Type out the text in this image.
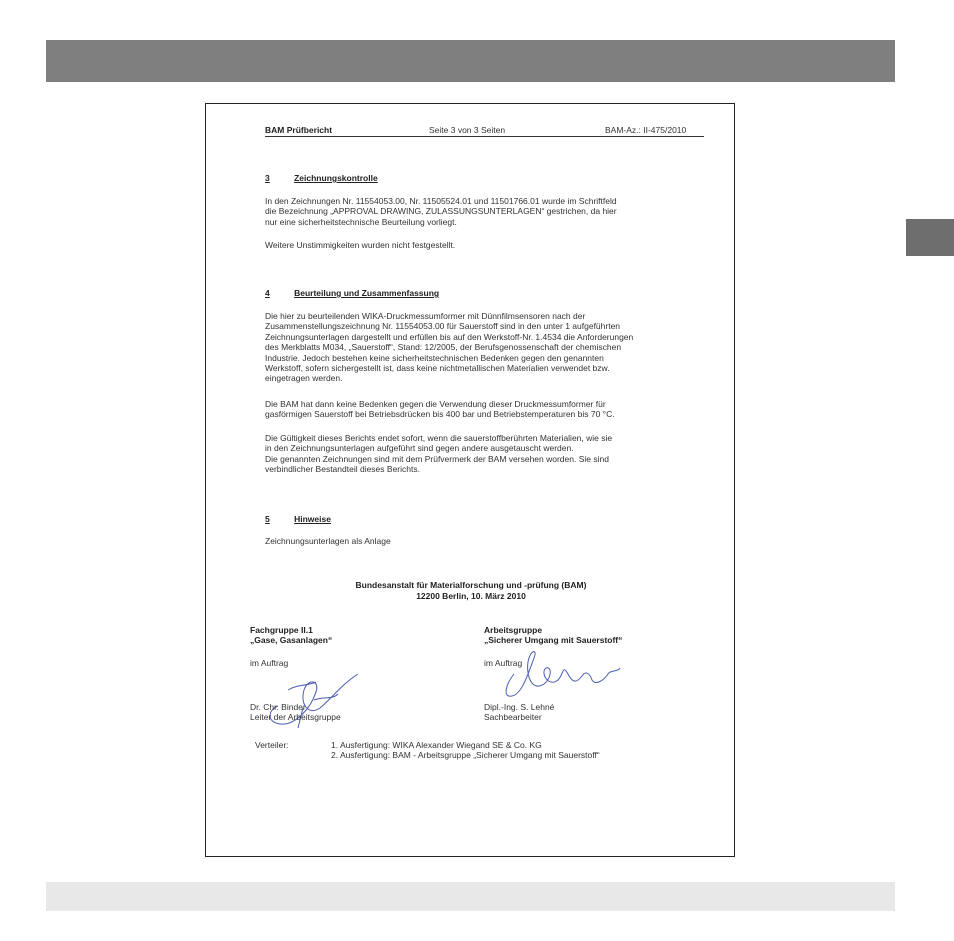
BAM Prüfbericht	Seite 3 von 3 Seiten	BAM-Az.: II-475/2010
3	Zeichnungskontrolle
In den Zeichnungen Nr. 11554053.00, Nr. 11505524.01 und 11501766.01 wurde im Schriftfeld
die Bezeichnung „APPROVAL DRAWING, ZULASSUNGSUNTERLAGEN“ gestrichen, da hier
nur eine sicherheitstechnische Beurteilung vorliegt.
Weitere Unstimmigkeiten wurden nicht festgestellt.
4	Beurteilung und Zusammenfassung
Die hier zu beurteilenden WIKA-Druckmessumformer mit Dünnfilmsensoren nach der
Zusammenstellungszeichnung Nr. 11554053.00 für Sauerstoff sind in den unter 1 aufgeführten
Zeichnungsunterlagen dargestellt und erfüllen bis auf den Werkstoff-Nr. 1.4534 die Anforderungen
des Merkblatts M034, „Sauerstoff“, Stand: 12/2005, der Berufsgenossenschaft der chemischen
Industrie. Jedoch bestehen keine sicherheitstechnischen Bedenken gegen den genannten
Werkstoff, sofern sichergestellt ist, dass keine nichtmetallischen Materialien verwendet bzw.
eingetragen werden.
Die BAM hat dann keine Bedenken gegen die Verwendung dieser Druckmessumformer für
gasförmigen Sauerstoff bei Betriebsdrücken bis 400 bar und Betriebstemperaturen bis 70 °C.
Die Gültigkeit dieses Berichts endet sofort, wenn die sauerstoffberührten Materialien, wie sie
in den Zeichnungsunterlagen aufgeführt sind gegen andere ausgetauscht werden.
Die genannten Zeichnungen sind mit dem Prüfvermerk der BAM versehen worden. Sie sind
verbindlicher Bestandteil dieses Berichts.
5	Hinweise
Zeichnungsunterlagen als Anlage
Bundesanstalt für Materialforschung und -prüfung (BAM)
12200 Berlin, 10. März 2010
Fachgruppe II.1
„Gase, Gasanlagen“
im Auftrag
Dr. Chr. Binder
Leiter der Arbeitsgruppe
Arbeitsgruppe
„Sicherer Umgang mit Sauerstoff“
im Auftrag
Dipl.-Ing. S. Lehné
Sachbearbeiter
Verteiler:	1. Ausfertigung: WIKA Alexander Wiegand SE & Co. KG
2. Ausfertigung: BAM - Arbeitsgruppe „Sicherer Umgang mit Sauerstoff“
